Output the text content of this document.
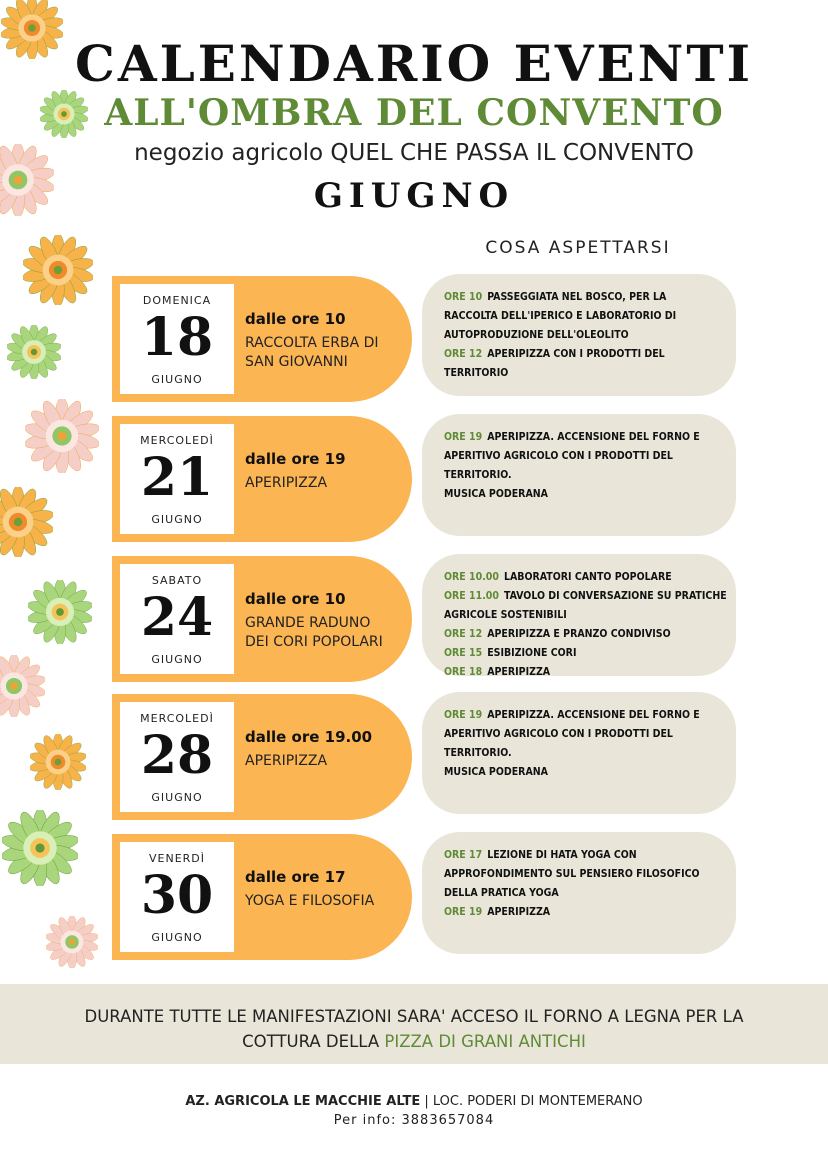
CALENDARIO EVENTI
ALL'OMBRA DEL CONVENTO
negozio agricolo QUEL CHE PASSA IL CONVENTO
GIUGNO
COSA ASPETTARSI
DOMENICA
18
GIUGNO
dalle ore 10
RACCOLTA ERBA DI SAN GIOVANNI
ORE 10 PASSEGGIATA NEL BOSCO, PER LA
RACCOLTA DELL'IPERICO E LABORATORIO DI
AUTOPRODUZIONE DELL'OLEOLITO
ORE 12 APERIPIZZA CON I PRODOTTI DEL
TERRITORIO
MERCOLEDÌ
21
GIUGNO
dalle ore 19
APERIPIZZA
ORE 19 APERIPIZZA. ACCENSIONE DEL FORNO E
APERITIVO AGRICOLO CON I PRODOTTI DEL
TERRITORIO.
MUSICA PODERANA
SABATO
24
GIUGNO
dalle ore 10
GRANDE RADUNO DEI CORI POPOLARI
ORE 10.00 LABORATORI CANTO POPOLARE
ORE 11.00 TAVOLO DI CONVERSAZIONE SU PRATICHE
AGRICOLE SOSTENIBILI
ORE 12 APERIPIZZA E PRANZO CONDIVISO
ORE 15 ESIBIZIONE CORI
ORE 18 APERIPIZZA
MERCOLEDÌ
28
GIUGNO
dalle ore 19.00
APERIPIZZA
ORE 19 APERIPIZZA. ACCENSIONE DEL FORNO E
APERITIVO AGRICOLO CON I PRODOTTI DEL
TERRITORIO.
MUSICA PODERANA
VENERDÌ
30
GIUGNO
dalle ore 17
YOGA E FILOSOFIA
ORE 17 LEZIONE DI HATA YOGA CON
APPROFONDIMENTO SUL PENSIERO FILOSOFICO
DELLA PRATICA YOGA
ORE 19 APERIPIZZA
DURANTE TUTTE LE MANIFESTAZIONI SARA' ACCESO IL FORNO A LEGNA PER LA
COTTURA DELLA PIZZA DI GRANI ANTICHI
AZ. AGRICOLA LE MACCHIE ALTE | LOC. PODERI DI MONTEMERANO
Per info: 3883657084
